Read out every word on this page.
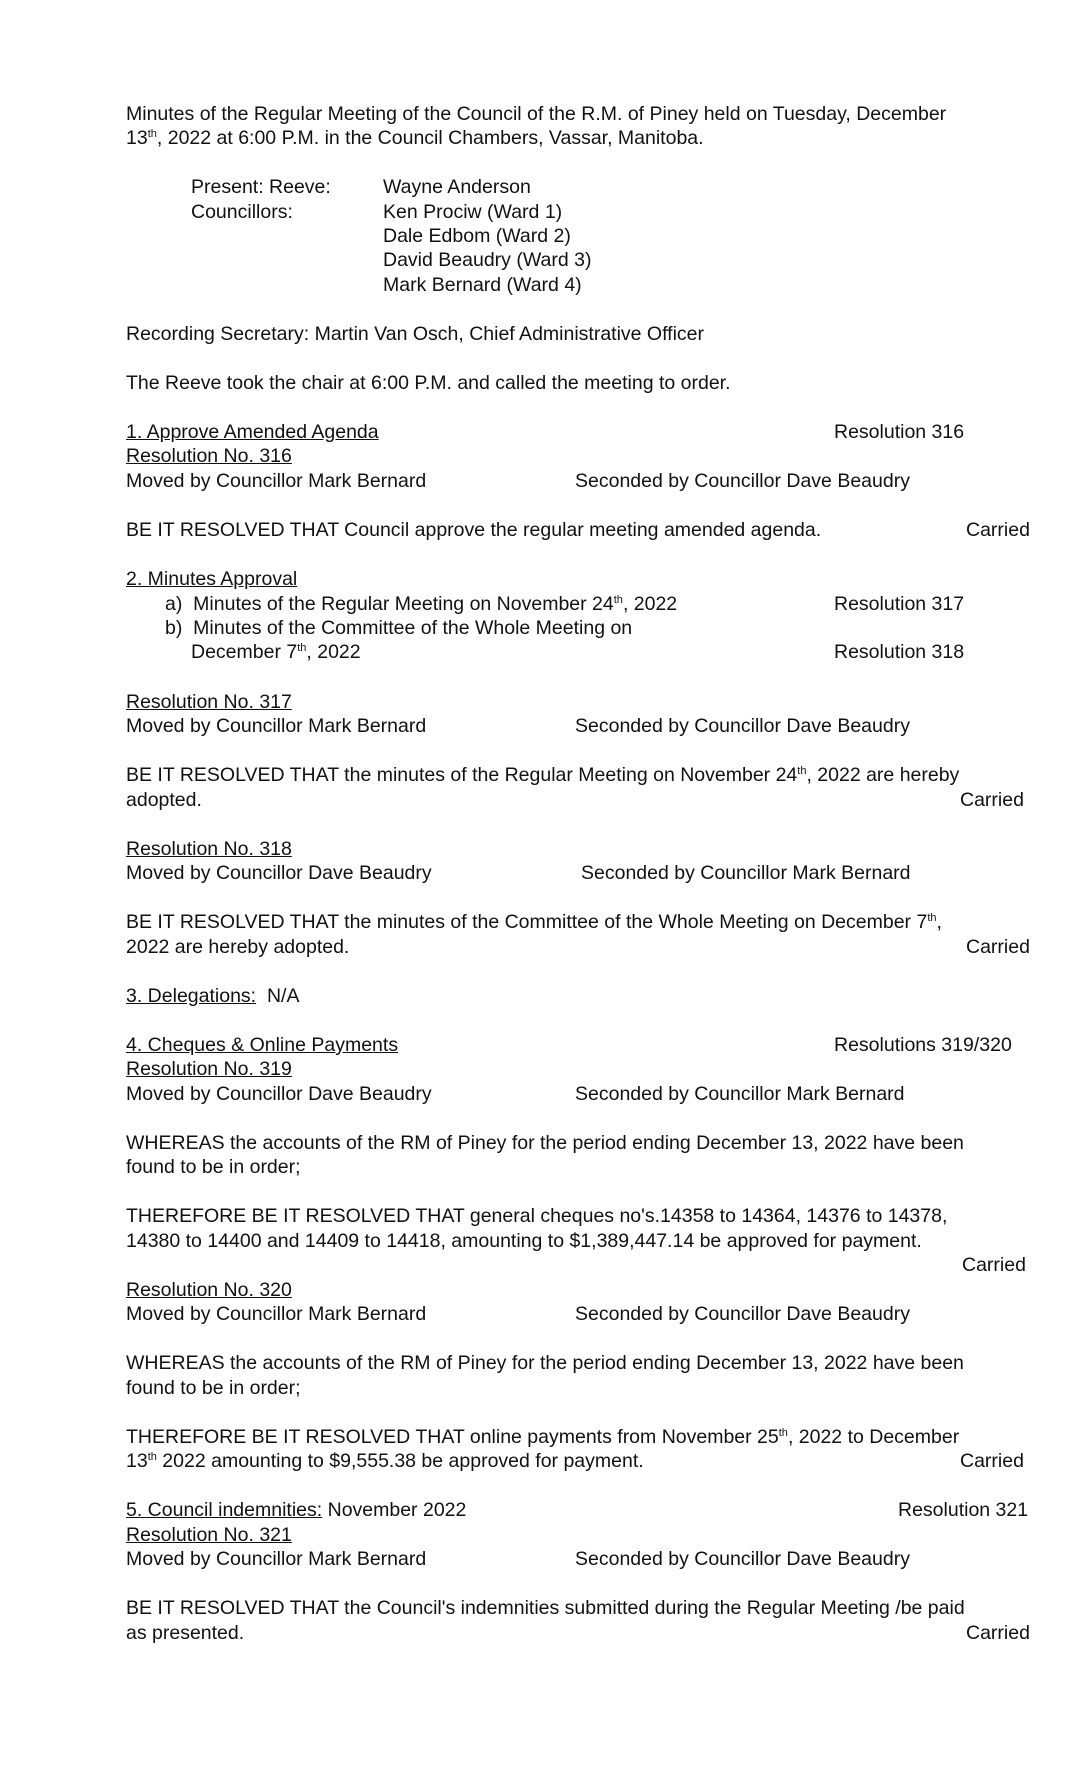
Minutes of the Regular Meeting of the Council of the R.M. of Piney held on Tuesday, December
13th, 2022 at 6:00 P.M. in the Council Chambers, Vassar, Manitoba.
Present: Reeve:	Wayne Anderson
Councillors:	Ken Prociw (Ward 1)
Dale Edbom (Ward 2)
David Beaudry (Ward 3)
Mark Bernard (Ward 4)
Recording Secretary: Martin Van Osch, Chief Administrative Officer
The Reeve took the chair at 6:00 P.M. and called the meeting to order.
1. Approve Amended Agenda	Resolution 316
Resolution No. 316
Moved by Councillor Mark Bernard	Seconded by Councillor Dave Beaudry
BE IT RESOLVED THAT Council approve the regular meeting amended agenda.	Carried
2. Minutes Approval
a)  Minutes of the Regular Meeting on November 24th, 2022	Resolution 317
b)  Minutes of the Committee of the Whole Meeting on
December 7th, 2022	Resolution 318
Resolution No. 317
Moved by Councillor Mark Bernard	Seconded by Councillor Dave Beaudry
BE IT RESOLVED THAT the minutes of the Regular Meeting on November 24th, 2022 are hereby
adopted.	Carried
Resolution No. 318
Moved by Councillor Dave Beaudry	Seconded by Councillor Mark Bernard
BE IT RESOLVED THAT the minutes of the Committee of the Whole Meeting on December 7th,
2022 are hereby adopted.	Carried
3. Delegations: N/A
4. Cheques & Online Payments	Resolutions 319/320
Resolution No. 319
Moved by Councillor Dave Beaudry	Seconded by Councillor Mark Bernard
WHEREAS the accounts of the RM of Piney for the period ending December 13, 2022 have been
found to be in order;
THEREFORE BE IT RESOLVED THAT general cheques no's.14358 to 14364, 14376 to 14378,
14380 to 14400 and 14409 to 14418, amounting to $1,389,447.14 be approved for payment.
Carried
Resolution No. 320
Moved by Councillor Mark Bernard	Seconded by Councillor Dave Beaudry
WHEREAS the accounts of the RM of Piney for the period ending December 13, 2022 have been
found to be in order;
THEREFORE BE IT RESOLVED THAT online payments from November 25th, 2022 to December
13th 2022 amounting to $9,555.38 be approved for payment.	Carried
5. Council indemnities: November 2022	Resolution 321
Resolution No. 321
Moved by Councillor Mark Bernard	Seconded by Councillor Dave Beaudry
BE IT RESOLVED THAT the Council's indemnities submitted during the Regular Meeting /be paid
as presented.	Carried
